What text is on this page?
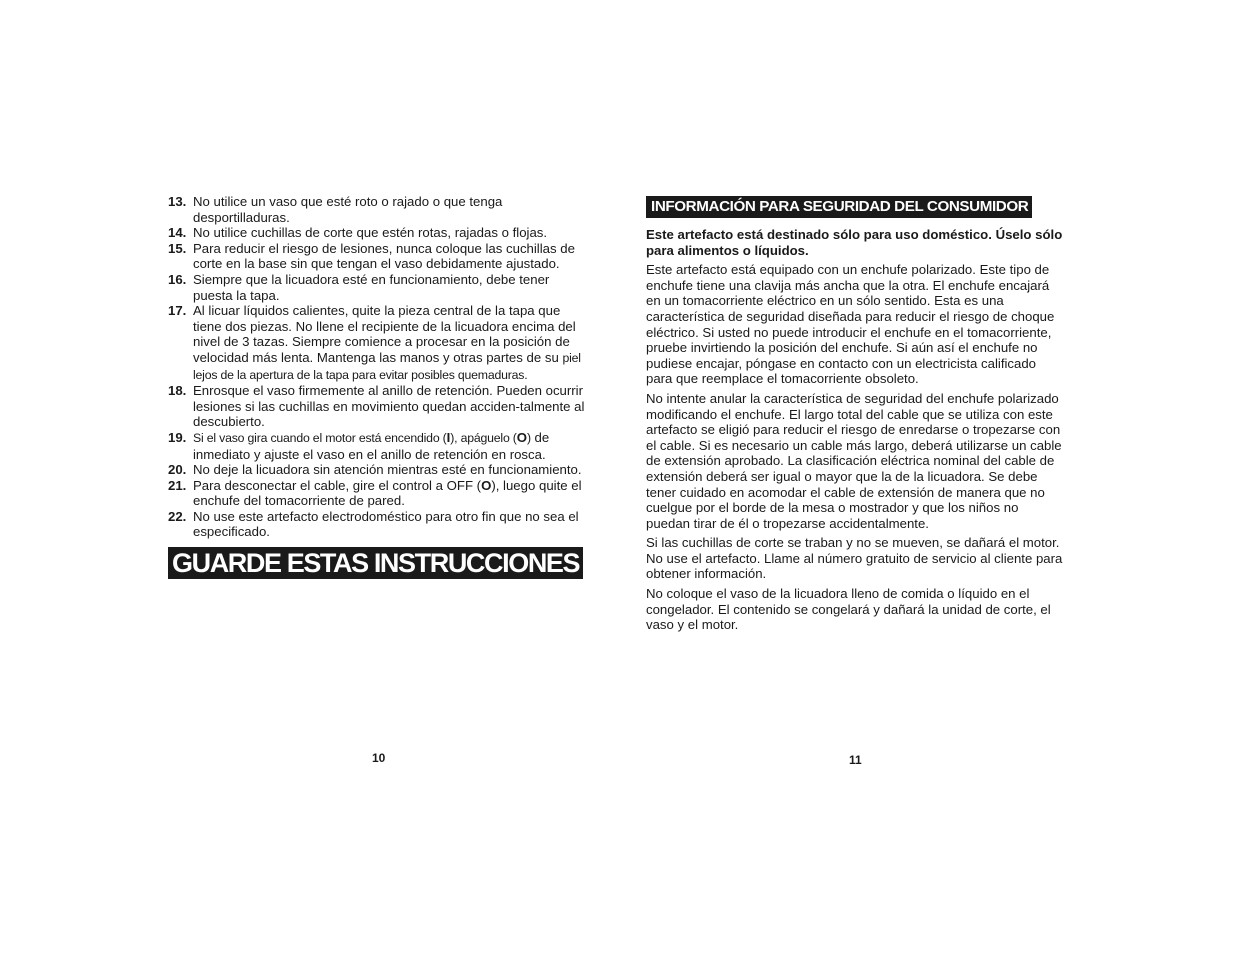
13. No utilice un vaso que esté roto o rajado o que tenga desportilladuras.
14. No utilice cuchillas de corte que estén rotas, rajadas o flojas.
15. Para reducir el riesgo de lesiones, nunca coloque las cuchillas de corte en la base sin que tengan el vaso debidamente ajustado.
16. Siempre que la licuadora esté en funcionamiento, debe tener puesta la tapa.
17. Al licuar líquidos calientes, quite la pieza central de la tapa que tiene dos piezas. No llene el recipiente de la licuadora encima del nivel de 3 tazas. Siempre comience a procesar en la posición de velocidad más lenta. Mantenga las manos y otras partes de su piel lejos de la apertura de la tapa para evitar posibles quemaduras.
18. Enrosque el vaso firmemente al anillo de retención. Pueden ocurrir lesiones si las cuchillas en movimiento quedan acciden-talmente al descubierto.
19. Si el vaso gira cuando el motor está encendido (I), apáguelo (O) de inmediato y ajuste el vaso en el anillo de retención en rosca.
20. No deje la licuadora sin atención mientras esté en funcionamiento.
21. Para desconectar el cable, gire el control a OFF (O), luego quite el enchufe del tomacorriente de pared.
22. No use este artefacto electrodoméstico para otro fin que no sea el especificado.
GUARDE ESTAS INSTRUCCIONES
INFORMACIÓN PARA SEGURIDAD DEL CONSUMIDOR

Este artefacto está destinado sólo para uso doméstico. Úselo sólo para alimentos o líquidos.

Este artefacto está equipado con un enchufe polarizado. Este tipo de enchufe tiene una clavija más ancha que la otra. El enchufe encajará en un tomacorriente eléctrico en un sólo sentido. Esta es una característica de seguridad diseñada para reducir el riesgo de choque eléctrico. Si usted no puede introducir el enchufe en el tomacorriente, pruebe invirtiendo la posición del enchufe. Si aún así el enchufe no pudiese encajar, póngase en contacto con un electricista calificado para que reemplace el tomacorriente obsoleto.

No intente anular la característica de seguridad del enchufe polarizado modificando el enchufe. El largo total del cable que se utiliza con este artefacto se eligió para reducir el riesgo de enredarse o tropezarse con el cable. Si es necesario un cable más largo, deberá utilizarse un cable de extensión aprobado. La clasificación eléctrica nominal del cable de extensión deberá ser igual o mayor que la de la licuadora. Se debe tener cuidado en acomodar el cable de extensión de manera que no cuelgue por el borde de la mesa o mostrador y que los niños no puedan tirar de él o tropezarse accidentalmente.

Si las cuchillas de corte se traban y no se mueven, se dañará el motor. No use el artefacto. Llame al número gratuito de servicio al cliente para obtener información.

No coloque el vaso de la licuadora lleno de comida o líquido en el congelador. El contenido se congelará y dañará la unidad de corte, el vaso y el motor.

10	11
